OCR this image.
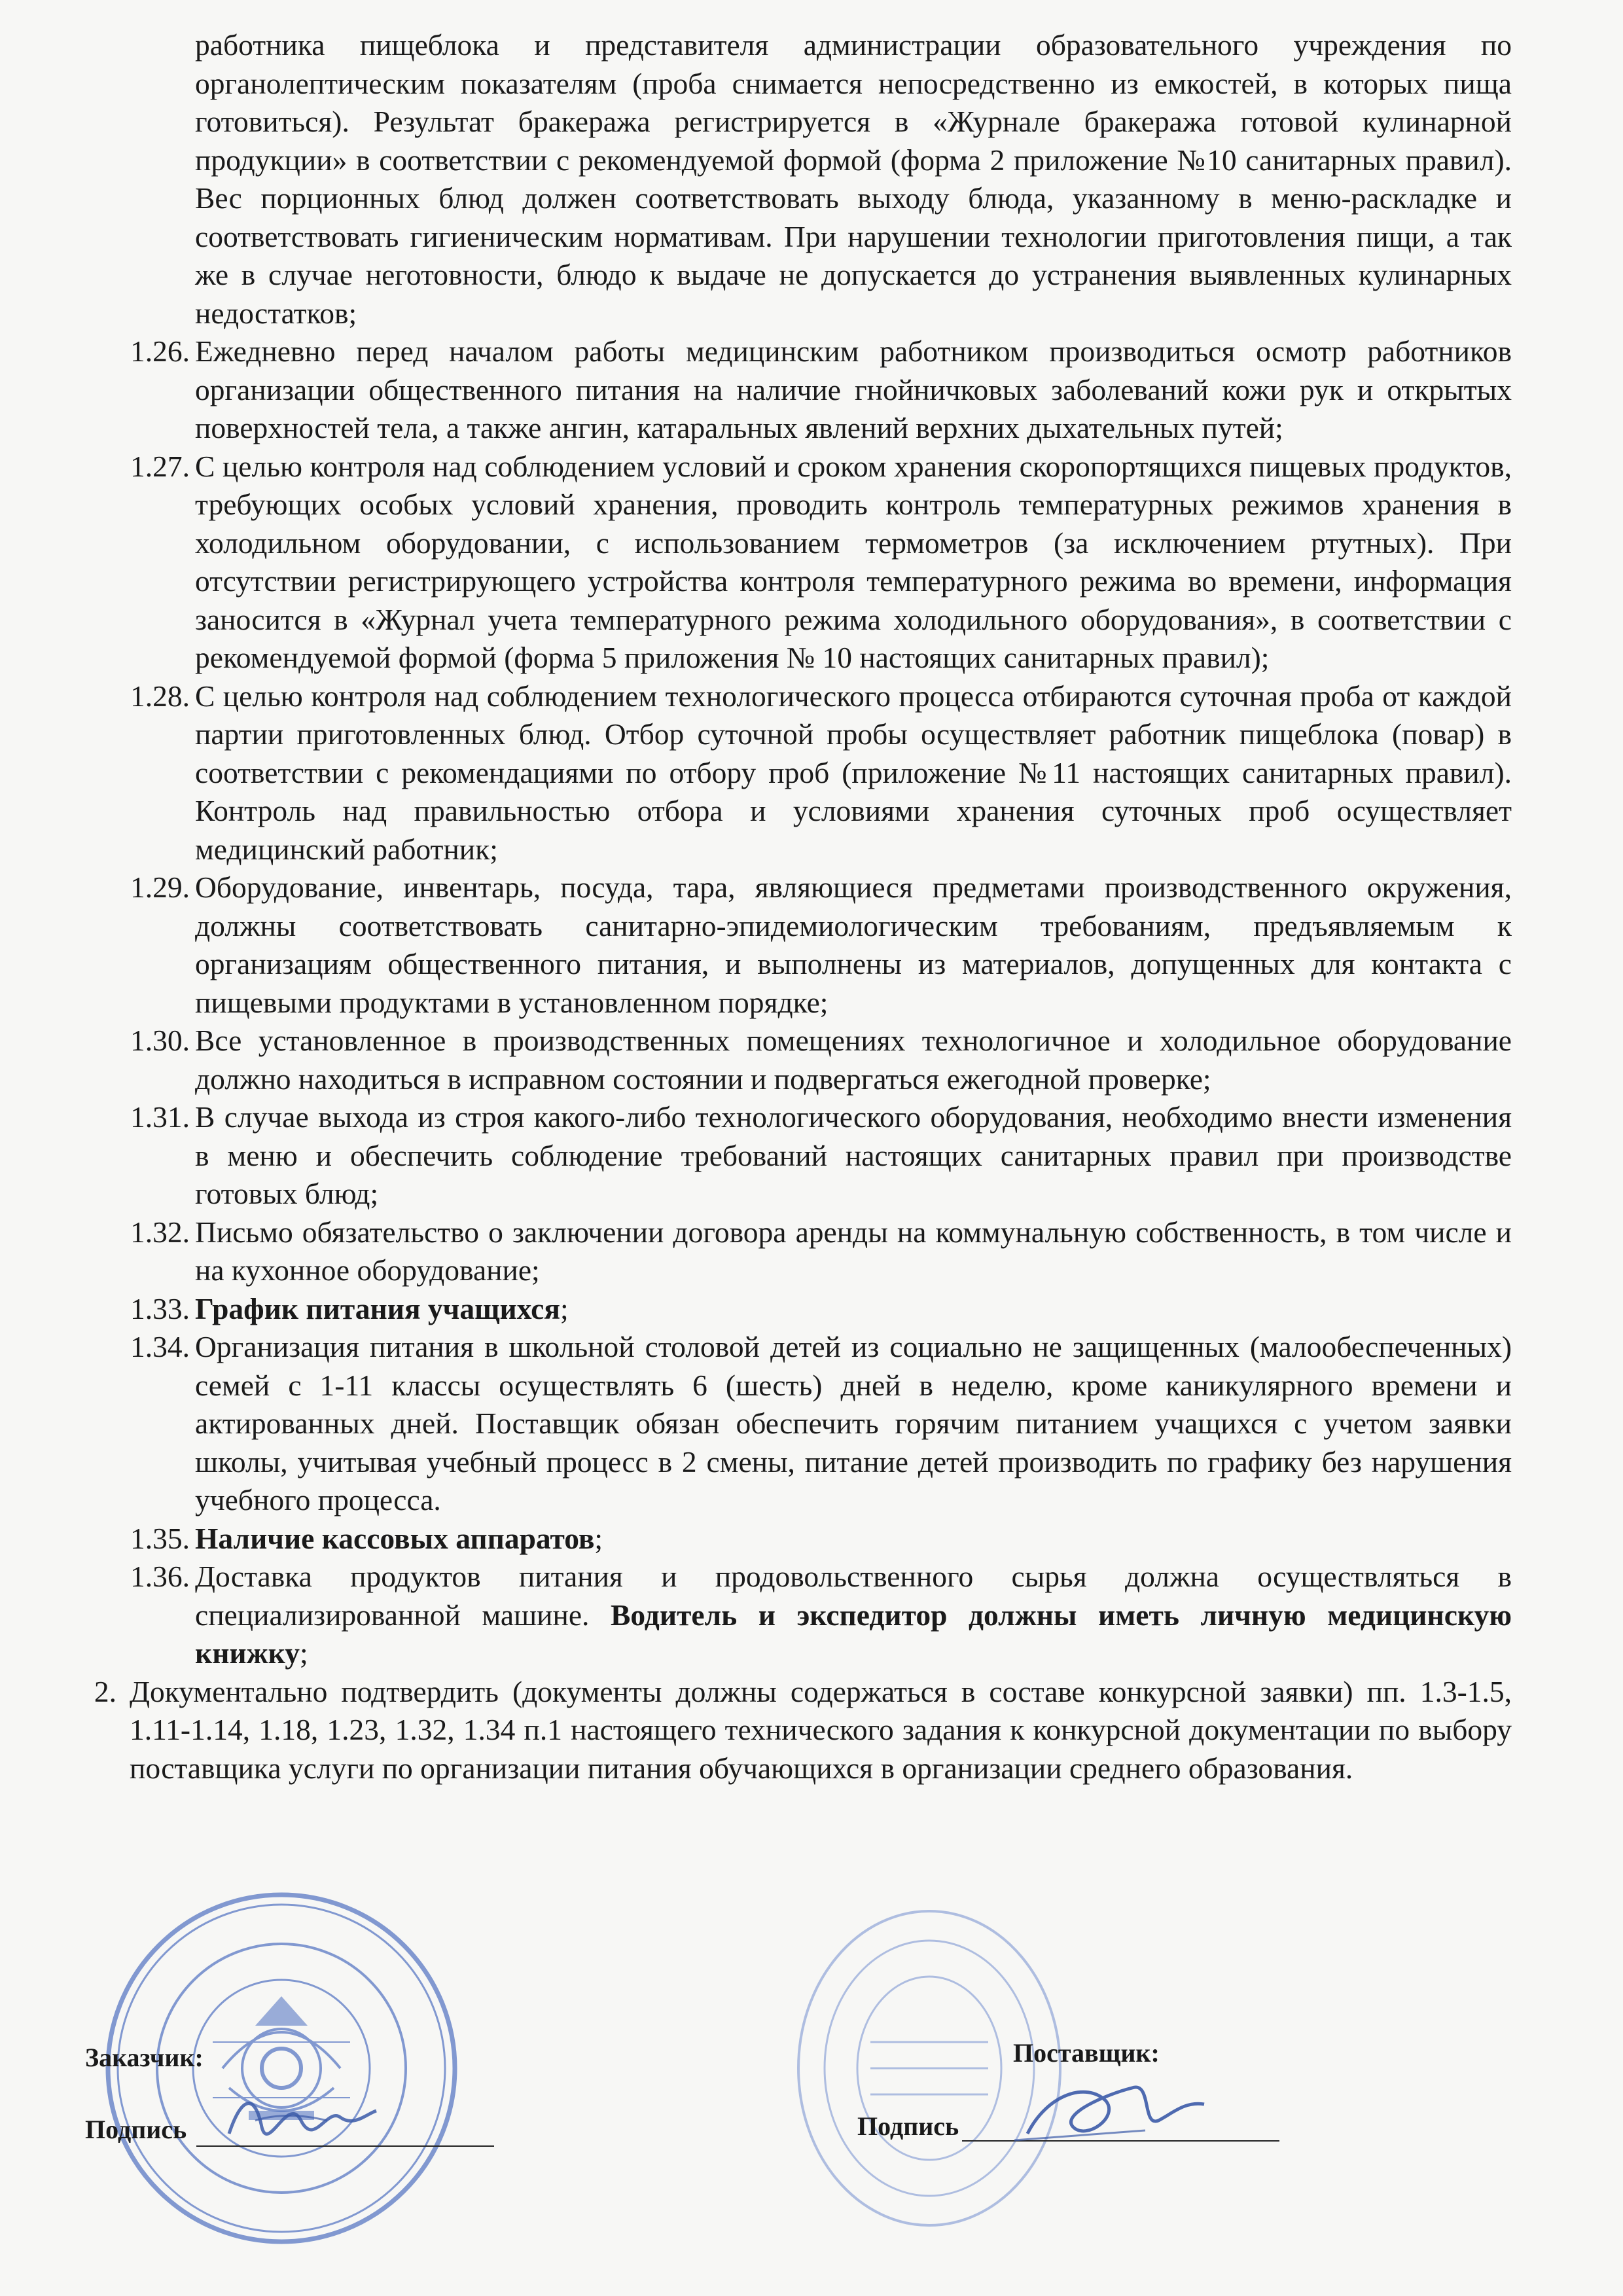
работника пищеблока и представителя администрации образовательного учреждения по органолептическим показателям (проба снимается непосредственно из емкостей, в которых пища готовиться). Результат бракеража регистрируется в «Журнале бракеража готовой кулинарной продукции» в соответствии с рекомендуемой формой (форма 2 приложение №10 санитарных правил). Вес порционных блюд должен соответствовать выходу блюда, указанному в меню-раскладке и соответствовать гигиеническим нормативам. При нарушении технологии приготовления пищи, а так же в случае неготовности, блюдо к выдаче не допускается до устранения выявленных кулинарных недостатков;

1.26. Ежедневно перед началом работы медицинским работником производиться осмотр работников организации общественного питания на наличие гнойничковых заболеваний кожи рук и открытых поверхностей тела, а также ангин, катаральных явлений верхних дыхательных путей;

1.27. С целью контроля над соблюдением условий и сроком хранения скоропортящихся пищевых продуктов, требующих особых условий хранения, проводить контроль температурных режимов хранения в холодильном оборудовании, с использованием термометров (за исключением ртутных). При отсутствии регистрирующего устройства контроля температурного режима во времени, информация заносится в «Журнал учета температурного режима холодильного оборудования», в соответствии с рекомендуемой формой (форма 5 приложения № 10 настоящих санитарных правил);

1.28. С целью контроля над соблюдением технологического процесса отбираются суточная проба от каждой партии приготовленных блюд. Отбор суточной пробы осуществляет работник пищеблока (повар) в соответствии с рекомендациями по отбору проб (приложение №11 настоящих санитарных правил). Контроль над правильностью отбора и условиями хранения суточных проб осуществляет медицинский работник;

1.29. Оборудование, инвентарь, посуда, тара, являющиеся предметами производственного окружения, должны соответствовать санитарно-эпидемиологическим требованиям, предъявляемым к организациям общественного питания, и выполнены из материалов, допущенных для контакта с пищевыми продуктами в установленном порядке;

1.30. Все установленное в производственных помещениях технологичное и холодильное оборудование должно находиться в исправном состоянии и подвергаться ежегодной проверке;

1.31. В случае выхода из строя какого-либо технологического оборудования, необходимо внести изменения в меню и обеспечить соблюдение требований настоящих санитарных правил при производстве готовых блюд;

1.32. Письмо обязательство о заключении договора аренды на коммунальную собственность, в том числе и на кухонное оборудование;

1.33. График питания учащихся;

1.34. Организация питания в школьной столовой детей из социально не защищенных (малообеспеченных) семей с 1-11 классы осуществлять 6 (шесть) дней в неделю, кроме каникулярного времени и актированных дней. Поставщик обязан обеспечить горячим питанием учащихся с учетом заявки школы, учитывая учебный процесс в 2 смены, питание детей производить по графику без нарушения учебного процесса.

1.35. Наличие кассовых аппаратов;

1.36. Доставка продуктов питания и продовольственного сырья должна осуществляться в специализированной машине. Водитель и экспедитор должны иметь личную медицинскую книжку;

2. Документально подтвердить (документы должны содержаться в составе конкурсной заявки) пп. 1.3-1.5, 1.11-1.14, 1.18, 1.23, 1.32, 1.34 п.1 настоящего технического задания к конкурсной документации по выбору поставщика услуги по организации питания обучающихся в организации среднего образования.

Заказчик:
Подпись
Поставщик:
Подпись
